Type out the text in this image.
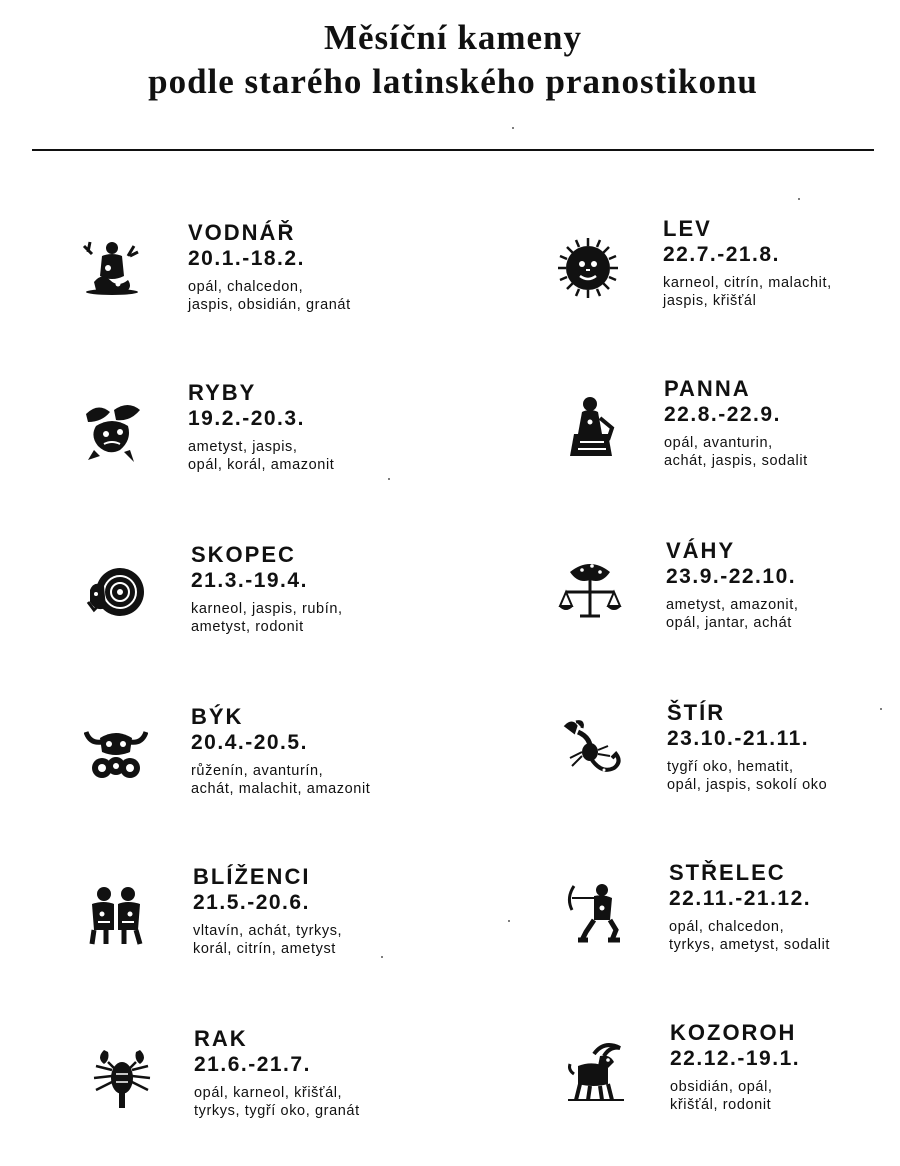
Měsíční kameny
podle starého latinského pranostikonu
VODNÁŘ
20.1.-18.2.
opál, chalcedon,
jaspis, obsidián, granát
RYBY
19.2.-20.3.
ametyst, jaspis,
opál, korál, amazonit
SKOPEC
21.3.-19.4.
karneol, jaspis, rubín,
ametyst, rodonit
BÝK
20.4.-20.5.
růženín, avanturín,
achát, malachit, amazonit
BLÍŽENCI
21.5.-20.6.
vltavín, achát, tyrkys,
korál, citrín, ametyst
RAK
21.6.-21.7.
opál, karneol, křišťál,
tyrkys, tygří oko, granát
LEV
22.7.-21.8.
karneol, citrín, malachit,
jaspis, křišťál
PANNA
22.8.-22.9.
opál, avanturin,
achát, jaspis, sodalit
VÁHY
23.9.-22.10.
ametyst, amazonit,
opál, jantar, achát
ŠTÍR
23.10.-21.11.
tygří oko, hematit,
opál, jaspis, sokolí oko
STŘELEC
22.11.-21.12.
opál, chalcedon,
tyrkys, ametyst, sodalit
KOZOROH
22.12.-19.1.
obsidián, opál,
křišťál, rodonit
